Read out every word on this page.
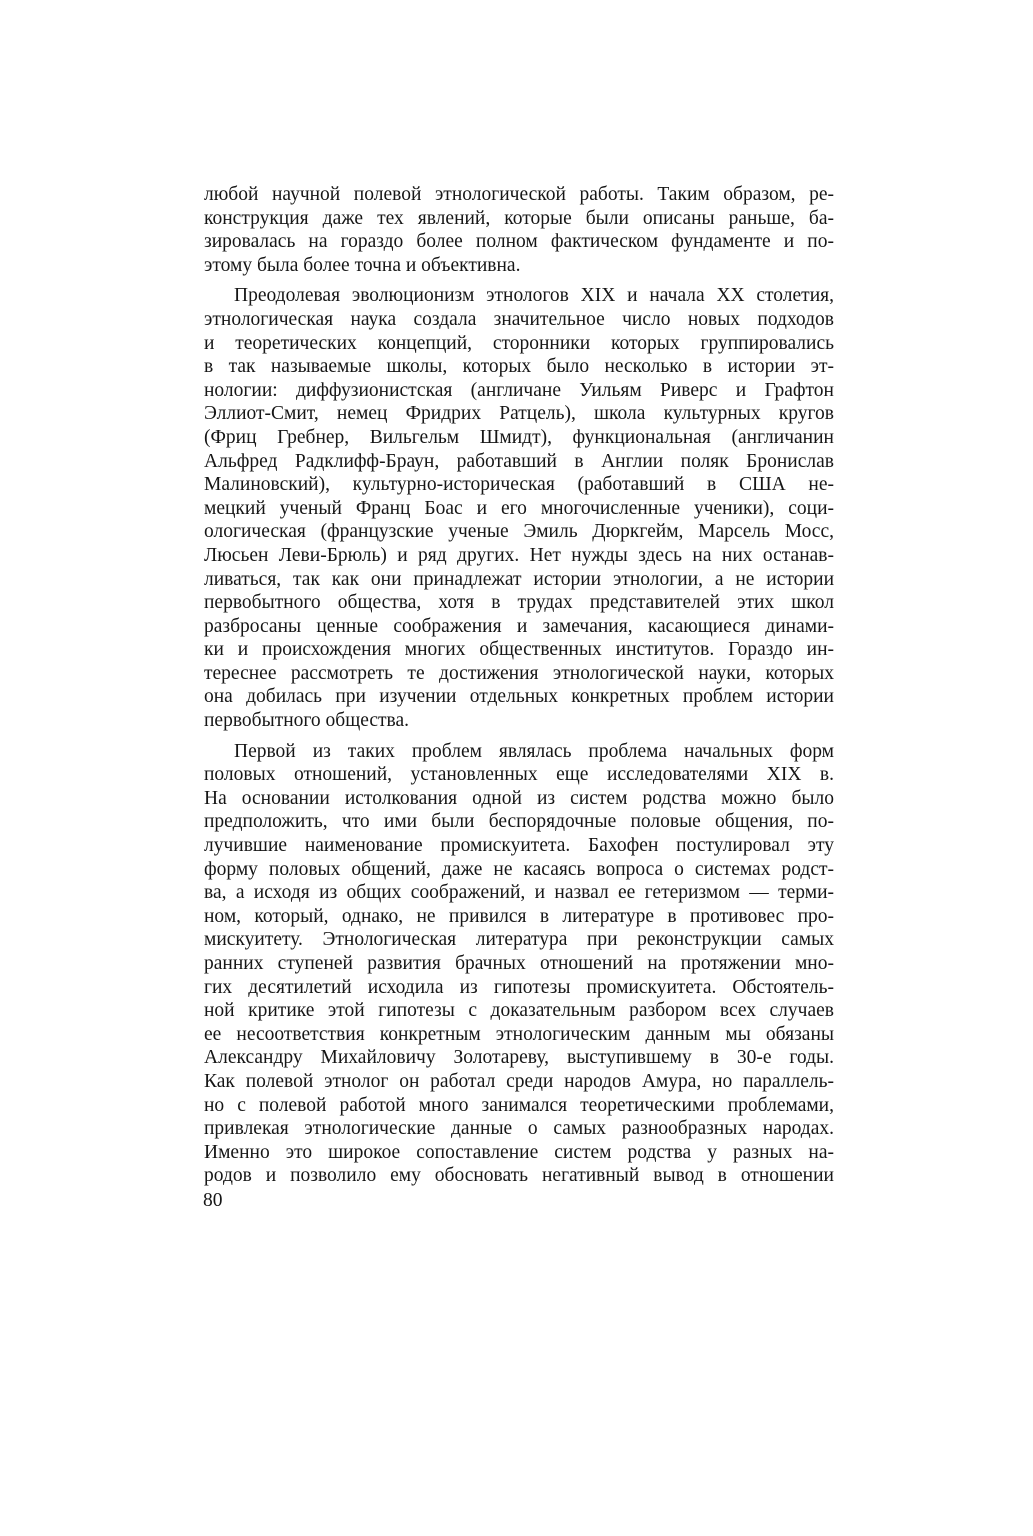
любой научной полевой этнологической работы. Таким образом, ре-
конструкция даже тех явлений, которые были описаны раньше, ба-
зировалась на гораздо более полном фактическом фундаменте и по-
этому была более точна и объективна.
Преодолевая эволюционизм этнологов XIX и начала XX столетия,
этнологическая наука создала значительное число новых подходов
и теоретических концепций, сторонники которых группировались
в так называемые школы, которых было несколько в истории эт-
нологии: диффузионистская (англичане Уильям Риверс и Графтон
Эллиот-Смит, немец Фридрих Ратцель), школа культурных кругов
(Фриц Гребнер, Вильгельм Шмидт), функциональная (англичанин
Альфред Радклифф-Браун, работавший в Англии поляк Бронислав
Малиновский), культурно-историческая (работавший в США не-
мецкий ученый Франц Боас и его многочисленные ученики), соци-
ологическая (французские ученые Эмиль Дюркгейм, Марсель Мосс,
Люсьен Леви-Брюль) и ряд других. Нет нужды здесь на них останав-
ливаться, так как они принадлежат истории этнологии, а не истории
первобытного общества, хотя в трудах представителей этих школ
разбросаны ценные соображения и замечания, касающиеся динами-
ки и происхождения многих общественных институтов. Гораздо ин-
тереснее рассмотреть те достижения этнологической науки, которых
она добилась при изучении отдельных конкретных проблем истории
первобытного общества.
Первой из таких проблем являлась проблема начальных форм
половых отношений, установленных еще исследователями XIX в.
На основании истолкования одной из систем родства можно было
предположить, что ими были беспорядочные половые общения, по-
лучившие наименование промискуитета. Бахофен постулировал эту
форму половых общений, даже не касаясь вопроса о системах родст-
ва, а исходя из общих соображений, и назвал ее гетеризмом — терми-
ном, который, однако, не привился в литературе в противовес про-
мискуитету. Этнологическая литература при реконструкции самых
ранних ступеней развития брачных отношений на протяжении мно-
гих десятилетий исходила из гипотезы промискуитета. Обстоятель-
ной критике этой гипотезы с доказательным разбором всех случаев
ее несоответствия конкретным этнологическим данным мы обязаны
Александру Михайловичу Золотареву, выступившему в 30-е годы.
Как полевой этнолог он работал среди народов Амура, но параллель-
но с полевой работой много занимался теоретическими проблемами,
привлекая этнологические данные о самых разнообразных народах.
Именно это широкое сопоставление систем родства у разных на-
родов и позволило ему обосновать негативный вывод в отношении
80
